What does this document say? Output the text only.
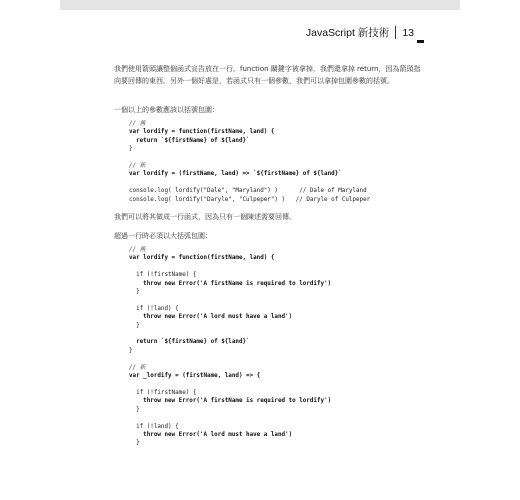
JavaScript 新技術 13

我們使用箭頭讓整個函式宣告放在一行。function 關鍵字被拿掉，我們還拿掉 return，因為箭頭指向要回傳的東西。另外一個好處是，若函式只有一個參數，我們可以拿掉包圍參數的括號。

一個以上的參數應該以括號包圍：

// 舊
var lordify = function(firstName, land) {
return `${firstName} of ${land}`
}

// 新
var lordify = (firstName, land) => `${firstName} of ${land}`

console.log( lordify("Dale", "Maryland") )      // Dale of Maryland
console.log( lordify("Daryle", "Culpeper") )   // Daryle of Culpeper

我們可以將其做成一行函式，因為只有一個陳述需要回傳。

超過一行時必須以大括弧包圍：

// 舊
var lordify = function(firstName, land) {

if (!firstName) {
throw new Error('A firstName is required to lordify')
}

if (!land) {
throw new Error('A lord must have a land')
}

return `${firstName} of ${land}`
}

// 新
var _lordify = (firstName, land) => {

if (!firstName) {
throw new Error('A firstName is required to lordify')
}

if (!land) {
throw new Error('A lord must have a land')
}
